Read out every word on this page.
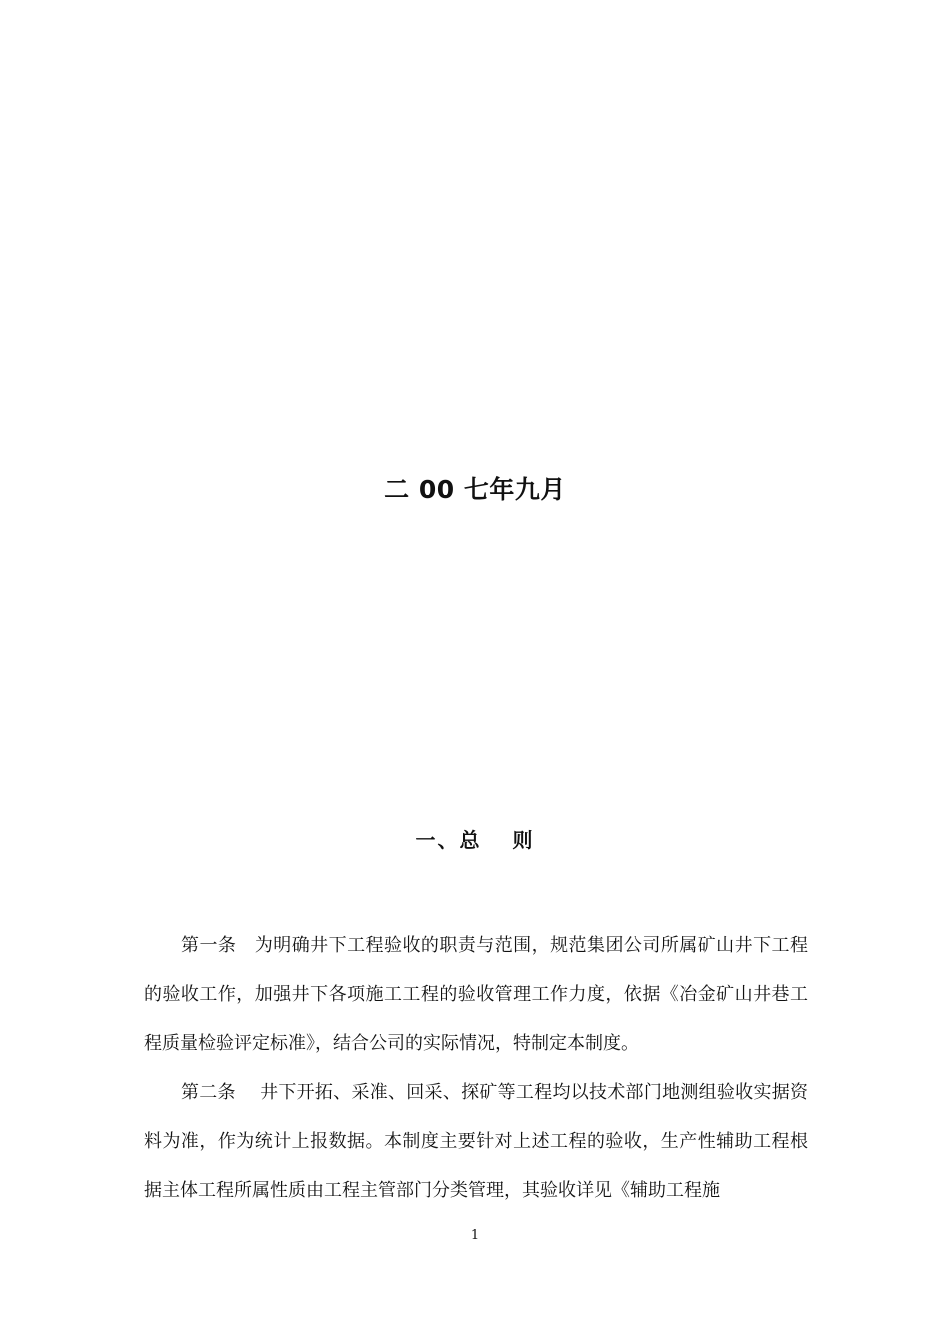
二 00 七年九月
一、总　 则

第一条　为明确井下工程验收的职责与范围，规范集团公司所属矿山井下工程的验收工作，加强井下各项施工工程的验收管理工作力度，依据《冶金矿山井巷工程质量检验评定标准》，结合公司的实际情况，特制定本制度。

第二条　 井下开拓、采准、回采、探矿等工程均以技术部门地测组验收实据资料为准，作为统计上报数据。本制度主要针对上述工程的验收，生产性辅助工程根据主体工程所属性质由工程主管部门分类管理，其验收详见《辅助工程施

1
